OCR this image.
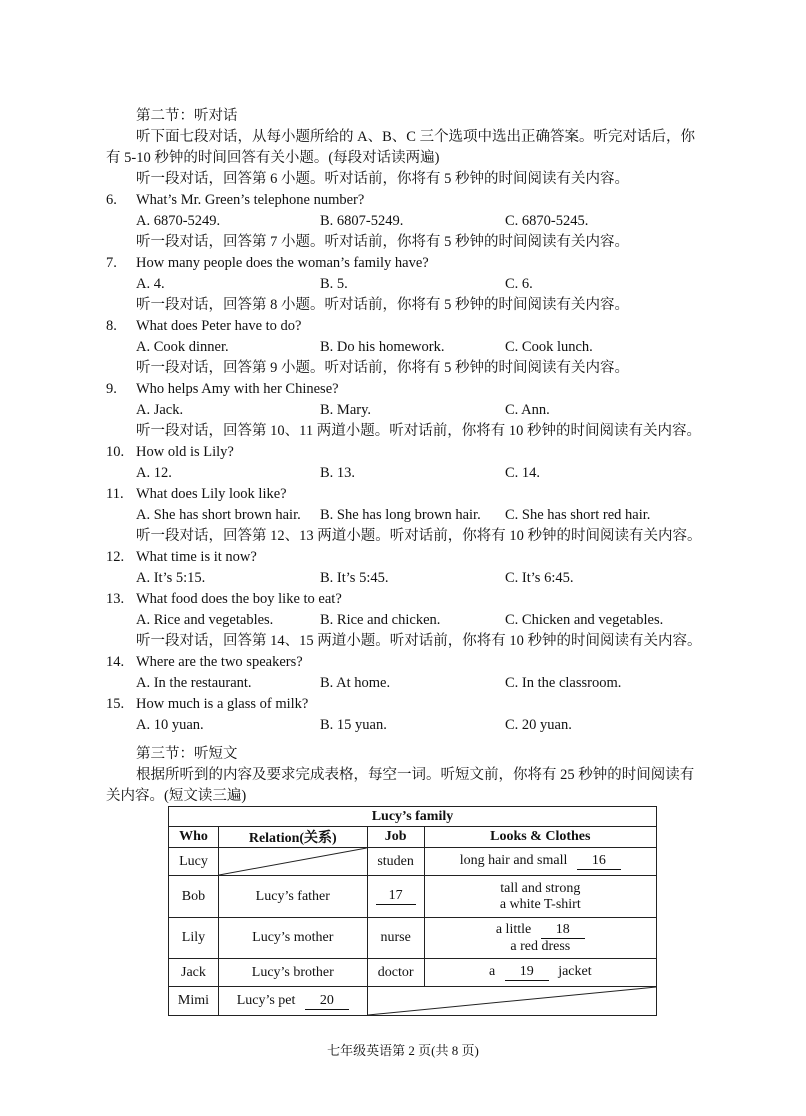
第二节：听对话
听下面七段对话，从每小题所给的 A、B、C 三个选项中选出正确答案。听完对话后，你
有 5-10 秒钟的时间回答有关小题。(每段对话读两遍)
听一段对话，回答第 6 小题。听对话前，你将有 5 秒钟的时间阅读有关内容。
6. What’s Mr. Green’s telephone number?
A. 6870-5249.	B. 6807-5249.	C. 6870-5245.
听一段对话，回答第 7 小题。听对话前，你将有 5 秒钟的时间阅读有关内容。
7. How many people does the woman’s family have?
A. 4.	B. 5.	C. 6.
听一段对话，回答第 8 小题。听对话前，你将有 5 秒钟的时间阅读有关内容。
8. What does Peter have to do?
A. Cook dinner.	B. Do his homework.	C. Cook lunch.
听一段对话，回答第 9 小题。听对话前，你将有 5 秒钟的时间阅读有关内容。
9. Who helps Amy with her Chinese?
A. Jack.	B. Mary.	C. Ann.
听一段对话，回答第 10、11 两道小题。听对话前，你将有 10 秒钟的时间阅读有关内容。
10. How old is Lily?
A. 12.	B. 13.	C. 14.
11. What does Lily look like?
A. She has short brown hair. B. She has long brown hair. C. She has short red hair.
听一段对话，回答第 12、13 两道小题。听对话前，你将有 10 秒钟的时间阅读有关内容。
12. What time is it now?
A. It’s 5:15.	B. It’s 5:45.	C. It’s 6:45.
13. What food does the boy like to eat?
A. Rice and vegetables.	B. Rice and chicken.	C. Chicken and vegetables.
听一段对话，回答第 14、15 两道小题。听对话前，你将有 10 秒钟的时间阅读有关内容。
14. Where are the two speakers?
A. In the restaurant.	B. At home.	C. In the classroom.
15. How much is a glass of milk?
A. 10 yuan.	B. 15 yuan.	C. 20 yuan.
第三节：听短文
根据所听到的内容及要求完成表格，每空一词。听短文前，你将有 25 秒钟的时间阅读有
关内容。(短文读三遍)
Lucy’s family			
Who	Relation(关系)	Job	Looks & Clothes
Lucy		studen	long hair and small 16
Bob	Lucy’s father	17	tall and strong
a white T-shirt

Lily	Lucy’s mother	nurse	a little 18
a red dress

Jack	Lucy’s brother	doctor	a 19 jacket
Mimi	Lucy’s pet 20	
七年级英语第 2 页(共 8 页)
